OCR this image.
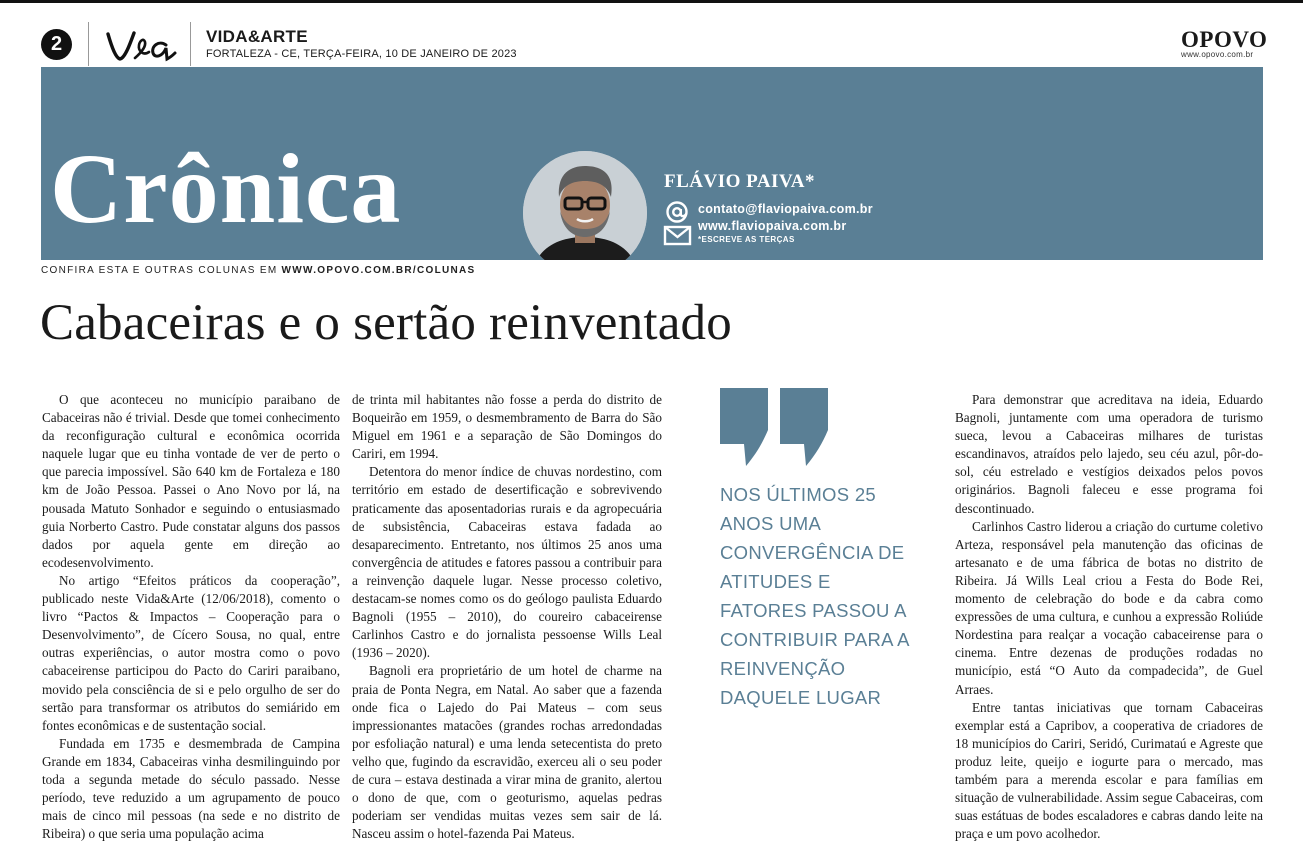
2	VIDA&ARTE
FORTALEZA - CE, TERÇA-FEIRA, 10 DE JANEIRO DE 2023
OPOVO
www.opovo.com.br
Crônica	FLÁVIO PAIVA*
contato@flaviopaiva.com.br
www.flaviopaiva.com.br
*ESCREVE AS TERÇAS
CONFIRA ESTA E OUTRAS COLUNAS EM WWW.OPOVO.COM.BR/COLUNAS
Cabaceiras e o sertão reinventado

O que aconteceu no município paraibano de Cabaceiras não é trivial. Desde que tomei conhecimento da reconfiguração cultural e econômica ocorrida naquele lugar que eu tinha vontade de ver de perto o que parecia impossível. São 640 km de Fortaleza e 180 km de João Pessoa. Passei o Ano Novo por lá, na pousada Matuto Sonhador e seguindo o entusiasmado guia Norberto Castro. Pude constatar alguns dos passos dados por aquela gente em direção ao ecodesenvolvimento.

No artigo “Efeitos práticos da cooperação”, publicado neste Vida&Arte (12/06/2018), comento o livro “Pactos & Impactos – Cooperação para o Desenvolvimento”, de Cícero Sousa, no qual, entre outras experiências, o autor mostra como o povo cabaceirense participou do Pacto do Cariri paraibano, movido pela consciência de si e pelo orgulho de ser do sertão para transformar os atributos do semiárido em fontes econômicas e de sustentação social.

Fundada em 1735 e desmembrada de Campina Grande em 1834, Cabaceiras vinha desmilinguindo por toda a segunda metade do século passado. Nesse período, teve reduzido a um agrupamento de pouco mais de cinco mil pessoas (na sede e no distrito de Ribeira) o que seria uma população acima

de trinta mil habitantes não fosse a perda do distrito de Boqueirão em 1959, o desmembramento de Barra do São Miguel em 1961 e a separação de São Domingos do Cariri, em 1994.

Detentora do menor índice de chuvas nordestino, com território em estado de desertificação e sobrevivendo praticamente das aposentadorias rurais e da agropecuária de subsistência, Cabaceiras estava fadada ao desaparecimento. Entretanto, nos últimos 25 anos uma convergência de atitudes e fatores passou a contribuir para a reinvenção daquele lugar. Nesse processo coletivo, destacam-se nomes como os do geólogo paulista Eduardo Bagnoli (1955 – 2010), do coureiro cabaceirense Carlinhos Castro e do jornalista pessoense Wills Leal (1936 – 2020).

Bagnoli era proprietário de um hotel de charme na praia de Ponta Negra, em Natal. Ao saber que a fazenda onde fica o Lajedo do Pai Mateus – com seus impressionantes matacões (grandes rochas arredondadas por esfoliação natural) e uma lenda setecentista do preto velho que, fugindo da escravidão, exerceu ali o seu poder de cura – estava destinada a virar mina de granito, alertou o dono de que, com o geoturismo, aquelas pedras poderiam ser vendidas muitas vezes sem sair de lá. Nasceu assim o hotel-fazenda Pai Mateus.

NOS ÚLTIMOS 25 ANOS UMA CONVERGÊNCIA DE ATITUDES E FATORES PASSOU A CONTRIBUIR PARA A REINVENÇÃO DAQUELE LUGAR

Para demonstrar que acreditava na ideia, Eduardo Bagnoli, juntamente com uma operadora de turismo sueca, levou a Cabaceiras milhares de turistas escandinavos, atraídos pelo lajedo, seu céu azul, pôr-do-sol, céu estrelado e vestígios deixados pelos povos originários. Bagnoli faleceu e esse programa foi descontinuado.

Carlinhos Castro liderou a criação do curtume coletivo Arteza, responsável pela manutenção das oficinas de artesanato e de uma fábrica de botas no distrito de Ribeira. Já Wills Leal criou a Festa do Bode Rei, momento de celebração do bode e da cabra como expressões de uma cultura, e cunhou a expressão Roliúde Nordestina para realçar a vocação cabaceirense para o cinema. Entre dezenas de produções rodadas no município, está “O Auto da compadecida”, de Guel Arraes.

Entre tantas iniciativas que tornam Cabaceiras exemplar está a Capribov, a cooperativa de criadores de 18 municípios do Cariri, Seridó, Curimataú e Agreste que produz leite, queijo e iogurte para o mercado, mas também para a merenda escolar e para famílias em situação de vulnerabilidade. Assim segue Cabaceiras, com suas estátuas de bodes escaladores e cabras dando leite na praça e um povo acolhedor.
